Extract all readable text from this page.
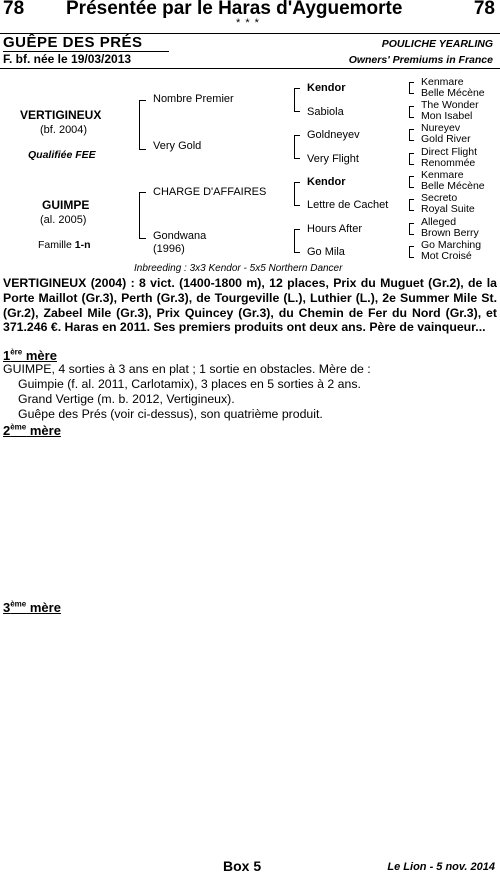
78 Présentée par le Haras d'Ayguemorte	78
* * *
GUÊPE DES PRÉS	POULICHE YEARLING
F. bf. née le 19/03/2013	Owners' Premiums in France
VERTIGINEUX
(bf. 2004)
Qualifiée FEE
GUIMPE
(al. 2005)
Famille 1-n
Nombre Premier
Very Gold
CHARGE D'AFFAIRES
Gondwana
(1996)
Kendor
Sabiola
Goldneyev
Very Flight
Kendor
Lettre de Cachet
Hours After
Go Mila
Kenmare
Belle Mécène
The Wonder
Mon Isabel
Nureyev
Gold River
Direct Flight
Renommée
Kenmare
Belle Mécène
Secreto
Royal Suite
Alleged
Brown Berry
Go Marching
Mot Croisé
Inbreeding : 3x3 Kendor - 5x5 Northern Dancer
VERTIGINEUX (2004) : 8 vict. (1400-1800 m), 12 places, Prix du Muguet (Gr.2), de la Porte Maillot (Gr.3), Perth (Gr.3), de Tourgeville (L.), Luthier (L.), 2e Summer Mile St. (Gr.2), Zabeel Mile (Gr.3), Prix Quincey (Gr.3), du Chemin de Fer du Nord (Gr.3), et 371.246 €. Haras en 2011. Ses premiers produits ont deux ans. Père de vainqueur...
1ère mère
GUIMPE, 4 sorties à 3 ans en plat ; 1 sortie en obstacles. Mère de :
Guimpie (f. al. 2011, Carlotamix), 3 places en 5 sorties à 2 ans.
Grand Vertige (m. b. 2012, Vertigineux).
Guêpe des Prés (voir ci-dessus), son quatrième produit.
2ème mère
3ème mère
Box 5	Le Lion - 5 nov. 2014
